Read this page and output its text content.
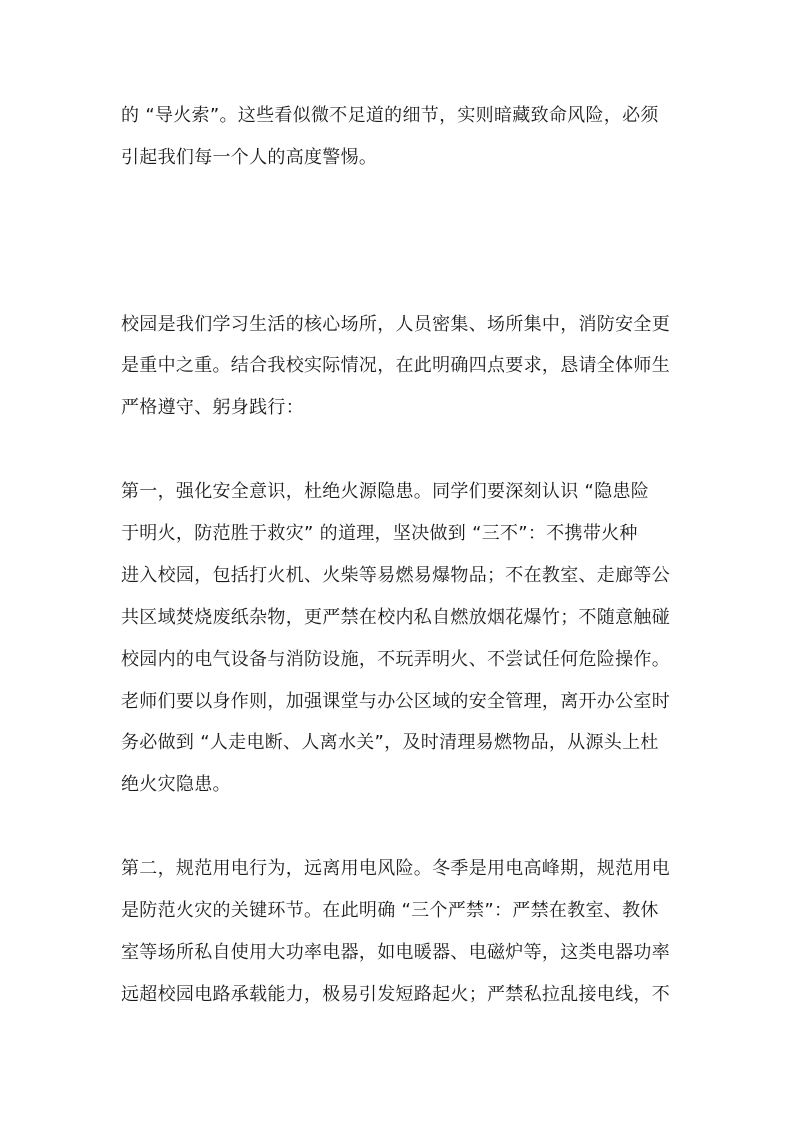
的 “导火索”。这些看似微不足道的细节，实则暗藏致命风险，必须
引起我们每一个人的高度警惕。
校园是我们学习生活的核心场所，人员密集、场所集中，消防安全更
是重中之重。结合我校实际情况，在此明确四点要求，恳请全体师生
严格遵守、躬身践行：
第一，强化安全意识，杜绝火源隐患。同学们要深刻认识 “隐患险
于明火，防范胜于救灾” 的道理，坚决做到 “三不”：不携带火种
进入校园，包括打火机、火柴等易燃易爆物品；不在教室、走廊等公
共区域焚烧废纸杂物，更严禁在校内私自燃放烟花爆竹；不随意触碰
校园内的电气设备与消防设施，不玩弄明火、不尝试任何危险操作。
老师们要以身作则，加强课堂与办公区域的安全管理，离开办公室时
务必做到 “人走电断、人离水关”，及时清理易燃物品，从源头上杜
绝火灾隐患。
第二，规范用电行为，远离用电风险。冬季是用电高峰期，规范用电
是防范火灾的关键环节。在此明确 “三个严禁”：严禁在教室、教休
室等场所私自使用大功率电器，如电暖器、电磁炉等，这类电器功率
远超校园电路承载能力，极易引发短路起火；严禁私拉乱接电线，不
